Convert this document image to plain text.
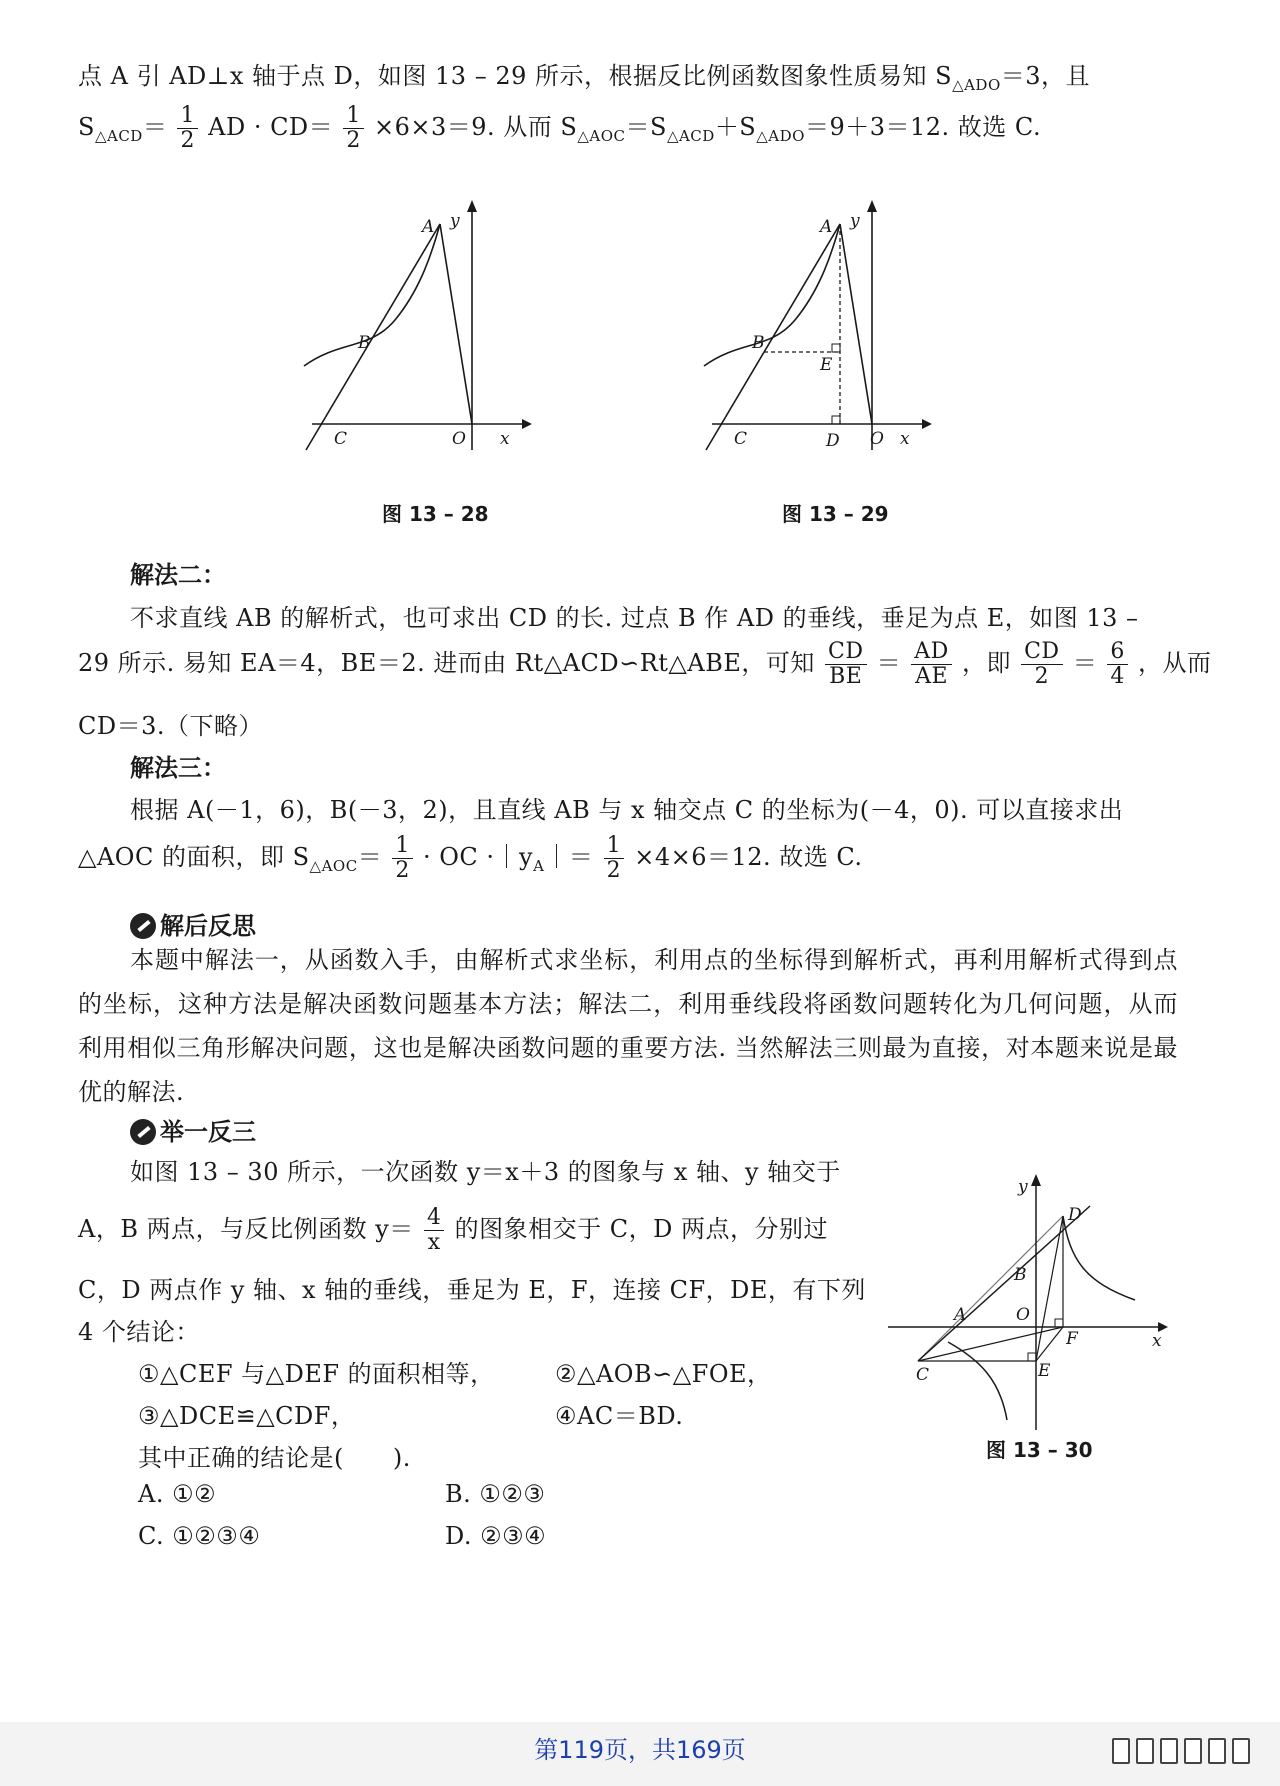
点 A 引 AD⊥x 轴于点 D，如图 13 – 29 所示，根据反比例函数图象性质易知 $S_{\triangle ADO}=3$，且
$S_{\triangle ACD}= \frac{1}{2}$ AD · $CD= \frac{1}{2} \times 6\times 3=9$. 从而 $S_{\triangle AOC}=S_{\triangle ACD}+S_{\triangle ADO}=9+3=12$. 故选 C.
A
B
C	O x
y
图 13 – 28
A
B
E
C	D O x
y
图 13 – 29
解法二：
不求直线 AB 的解析式，也可求出 CD 的长. 过点 B 作 AD 的垂线，垂足为点 E，如图 13 –
29 所示. 易知 EA＝4，BE＝2. 进而由 Rt△ACD∽Rt△ABE，可知 $\frac{CD}{BE} = \frac{AD}{AE}$ ，即 $\frac{CD}{2} = \frac{6}{4}$ ，从而
CD＝3.（下略）
解法三：
根据 A(－1，6)，B(－3，2)，且直线 AB 与 x 轴交点 C 的坐标为(－4，0). 可以直接求出
△AOC 的面积，即 $S_{\triangle AOC}= \frac{1}{2}$ · OC $\cdot|y_A|= \frac{1}{2} \times 4\times 6=12$. 故选 C.
解后反思
本题中解法一，从函数入手，由解析式求坐标，利用点的坐标得到解析式，再利用解析式得到点的坐标，这种方法是解决函数问题基本方法；解法二，利用垂线段将函数问题转化为几何问题，从而利用相似三角形解决问题，这也是解决函数问题的重要方法. 当然解法三则最为直接，对本题来说是最优的解法.
举一反三
如图 13 – 30 所示，一次函数 y＝x＋3 的图象与 x 轴、y 轴交于
A，B 两点，与反比例函数 $y= \frac{4}{x}$ 的图象相交于 C，D 两点，分别过
C，D 两点作 y 轴、x 轴的垂线，垂足为 E，F，连接 CF，DE，有下列
4 个结论：
①△CEF 与△DEF 的面积相等，	②△AOB∽△FOE，
③△DCE≌△CDF，	④AC＝BD.
其中正确的结论是(　　).
A. ①②	B. ①②③
C. ①②③④	D. ②③④
A
B
C
D
E
F
O
x
y
图 13 – 30
第119页，共169页
